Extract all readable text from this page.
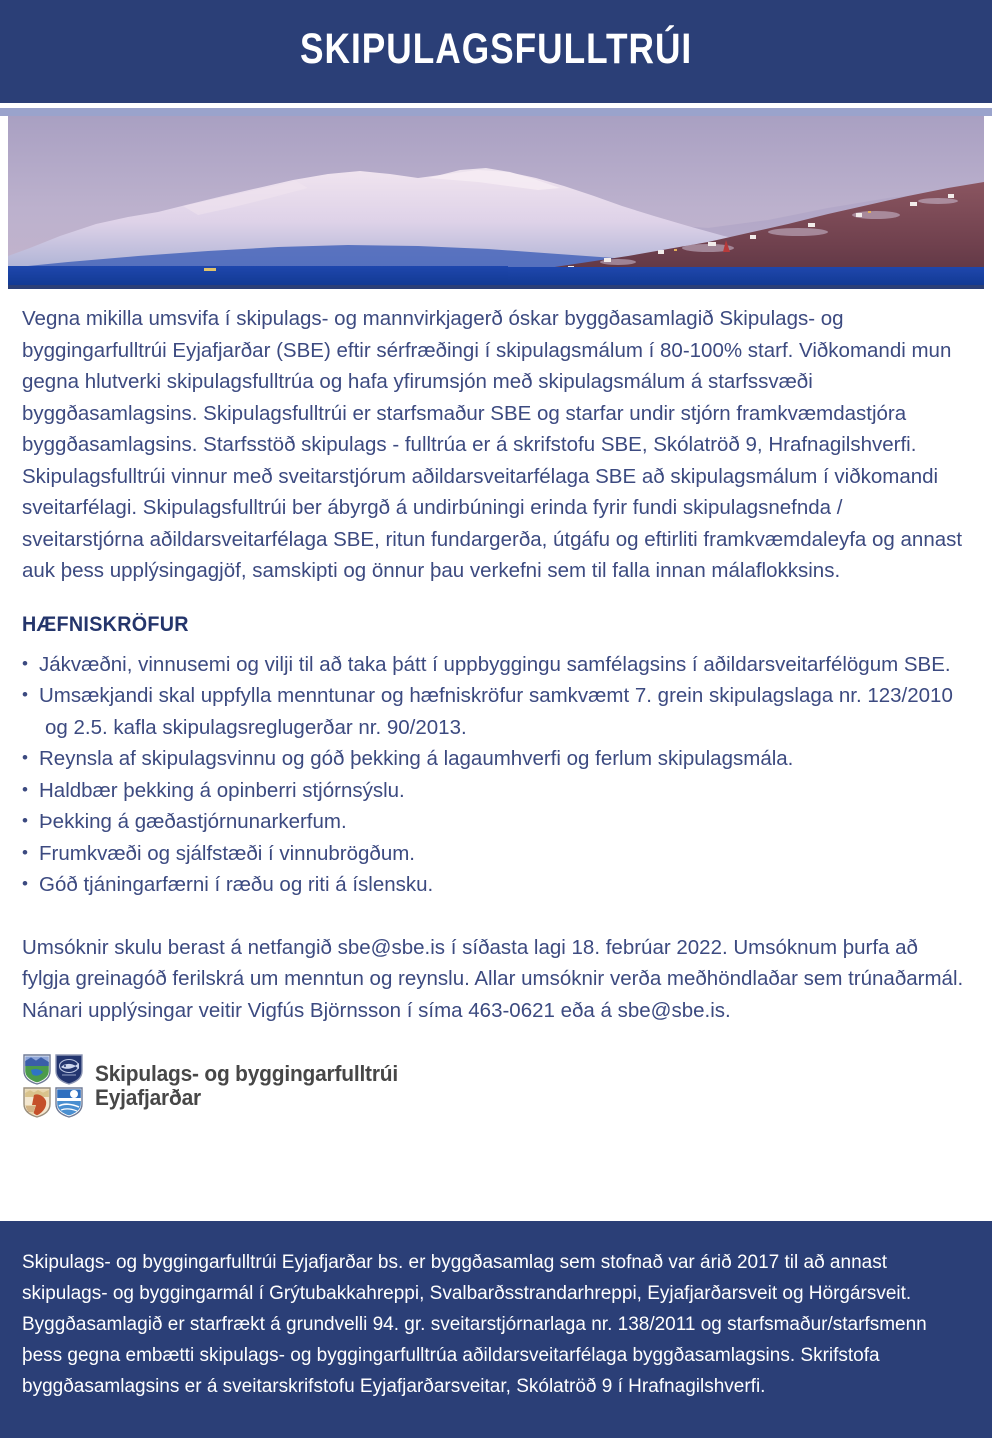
SKIPULAGSFULLTRÚI

Vegna mikilla umsvifa í skipulags- og mannvirkjagerð óskar byggðasamlagið Skipulags- og byggingarfulltrúi Eyjafjarðar (SBE) eftir sérfræðingi í skipulagsmálum í 80-100% starf. Viðkomandi mun gegna hlutverki skipulagsfulltrúa og hafa yfirumsjón með skipulagsmálum á starfssvæði byggðasamlagsins. Skipulagsfulltrúi er starfsmaður SBE og starfar undir stjórn framkvæmdastjóra byggðasamlagsins. Starfsstöð skipulags - fulltrúa er á skrifstofu SBE, Skólatröð 9, Hrafnagilshverfi.

Skipulagsfulltrúi vinnur með sveitarstjórum aðildarsveitarfélaga SBE að skipulagsmálum í viðkomandi sveitarfélagi. Skipulagsfulltrúi ber ábyrgð á undirbúningi erinda fyrir fundi skipulagsnefnda / sveitarstjórna aðildarsveitarfélaga SBE, ritun fundargerða, útgáfu og eftirliti framkvæmdaleyfa og annast auk þess upplýsingagjöf, samskipti og önnur þau verkefni sem til falla innan málaflokksins.

HÆFNISKRÖFUR
• Jákvæðni, vinnusemi og vilji til að taka þátt í uppbyggingu samfélagsins í aðildarsveitarfélögum SBE.
• Umsækjandi skal uppfylla menntunar og hæfniskröfur samkvæmt 7. grein skipulagslaga nr. 123/2010
og 2.5. kafla skipulagsreglugerðar nr. 90/2013.
• Reynsla af skipulagsvinnu og góð þekking á lagaumhverfi og ferlum skipulagsmála.
• Haldbær þekking á opinberri stjórnsýslu.
• Þekking á gæðastjórnunarkerfum.
• Frumkvæði og sjálfstæði í vinnubrögðum.
• Góð tjáningarfærni í ræðu og riti á íslensku.

Umsóknir skulu berast á netfangið sbe@sbe.is í síðasta lagi 18. febrúar 2022. Umsóknum þurfa að fylgja greinagóð ferilskrá um menntun og reynslu. Allar umsóknir verða meðhöndlaðar sem trúnaðarmál. Nánari upplýsingar veitir Vigfús Björnsson í síma 463-0621 eða á sbe@sbe.is.

Skipulags- og byggingarfulltrúi
Eyjafjarðar

Skipulags- og byggingarfulltrúi Eyjafjarðar bs. er byggðasamlag sem stofnað var árið 2017 til að annast skipulags- og byggingarmál í Grýtubakkahreppi, Svalbarðsstrandarhreppi, Eyjafjarðarsveit og Hörgársveit. Byggðasamlagið er starfrækt á grundvelli 94. gr. sveitarstjórnarlaga nr. 138/2011 og starfsmaður/starfsmenn þess gegna embætti skipulags- og byggingarfulltrúa aðildarsveitarfélaga byggðasamlagsins. Skrifstofa byggðasamlagsins er á sveitarskrifstofu Eyjafjarðarsveitar, Skólatröð 9 í Hrafnagilshverfi.
